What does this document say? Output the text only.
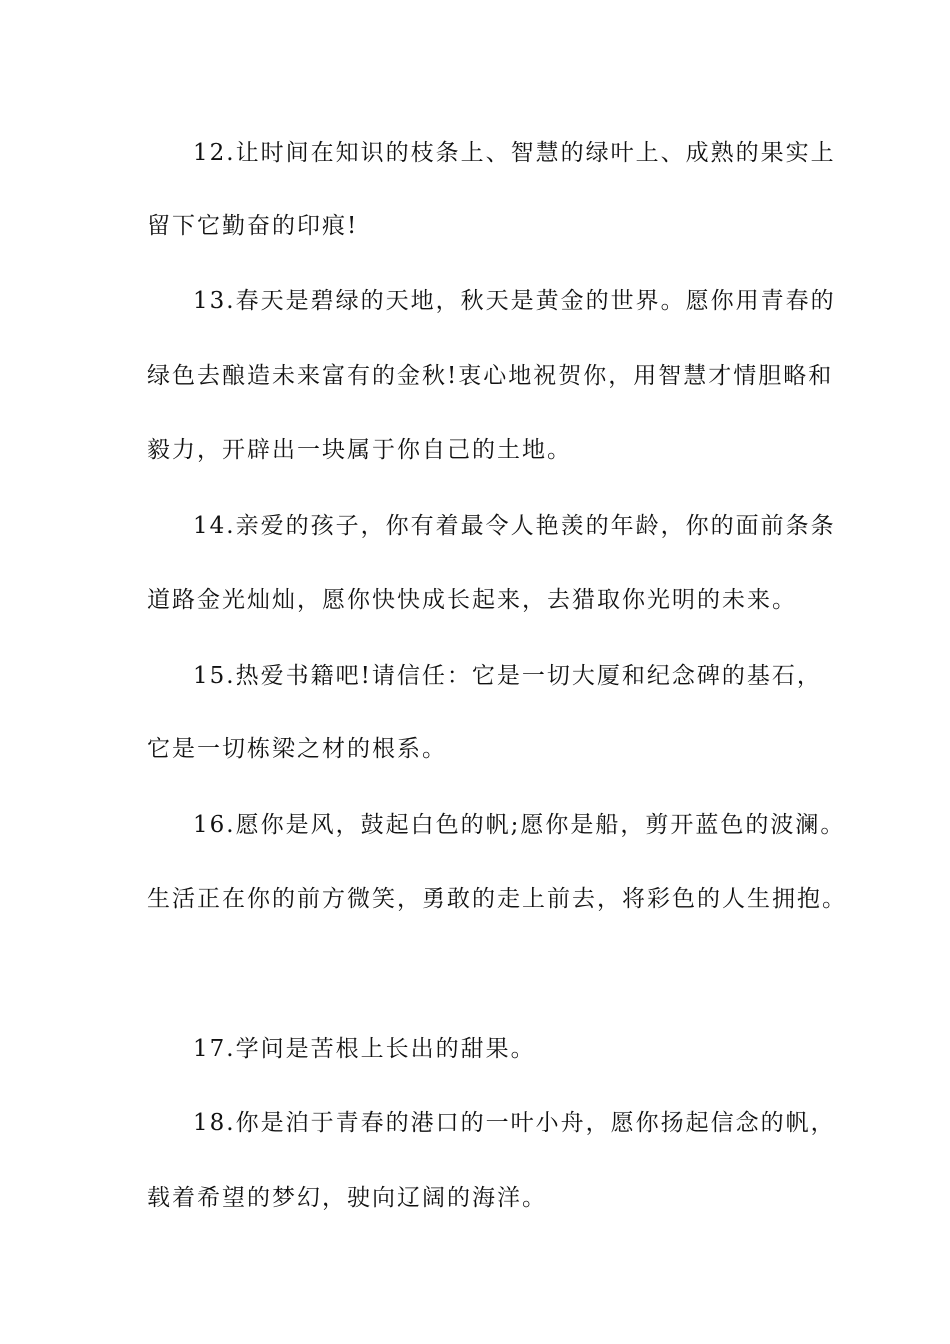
12.让时间在知识的枝条上、智慧的绿叶上、成熟的果实上
留下它勤奋的印痕!
13.春天是碧绿的天地，秋天是黄金的世界。愿你用青春的
绿色去酿造未来富有的金秋!衷心地祝贺你，用智慧才情胆略和
毅力，开辟出一块属于你自己的土地。
14.亲爱的孩子，你有着最令人艳羡的年龄，你的面前条条
道路金光灿灿，愿你快快成长起来，去猎取你光明的未来。
15.热爱书籍吧!请信任：它是一切大厦和纪念碑的基石，
它是一切栋梁之材的根系。
16.愿你是风，鼓起白色的帆;愿你是船，剪开蓝色的波澜。
生活正在你的前方微笑，勇敢的走上前去，将彩色的人生拥抱。
17.学问是苦根上长出的甜果。
18.你是泊于青春的港口的一叶小舟，愿你扬起信念的帆，
载着希望的梦幻，驶向辽阔的海洋。
